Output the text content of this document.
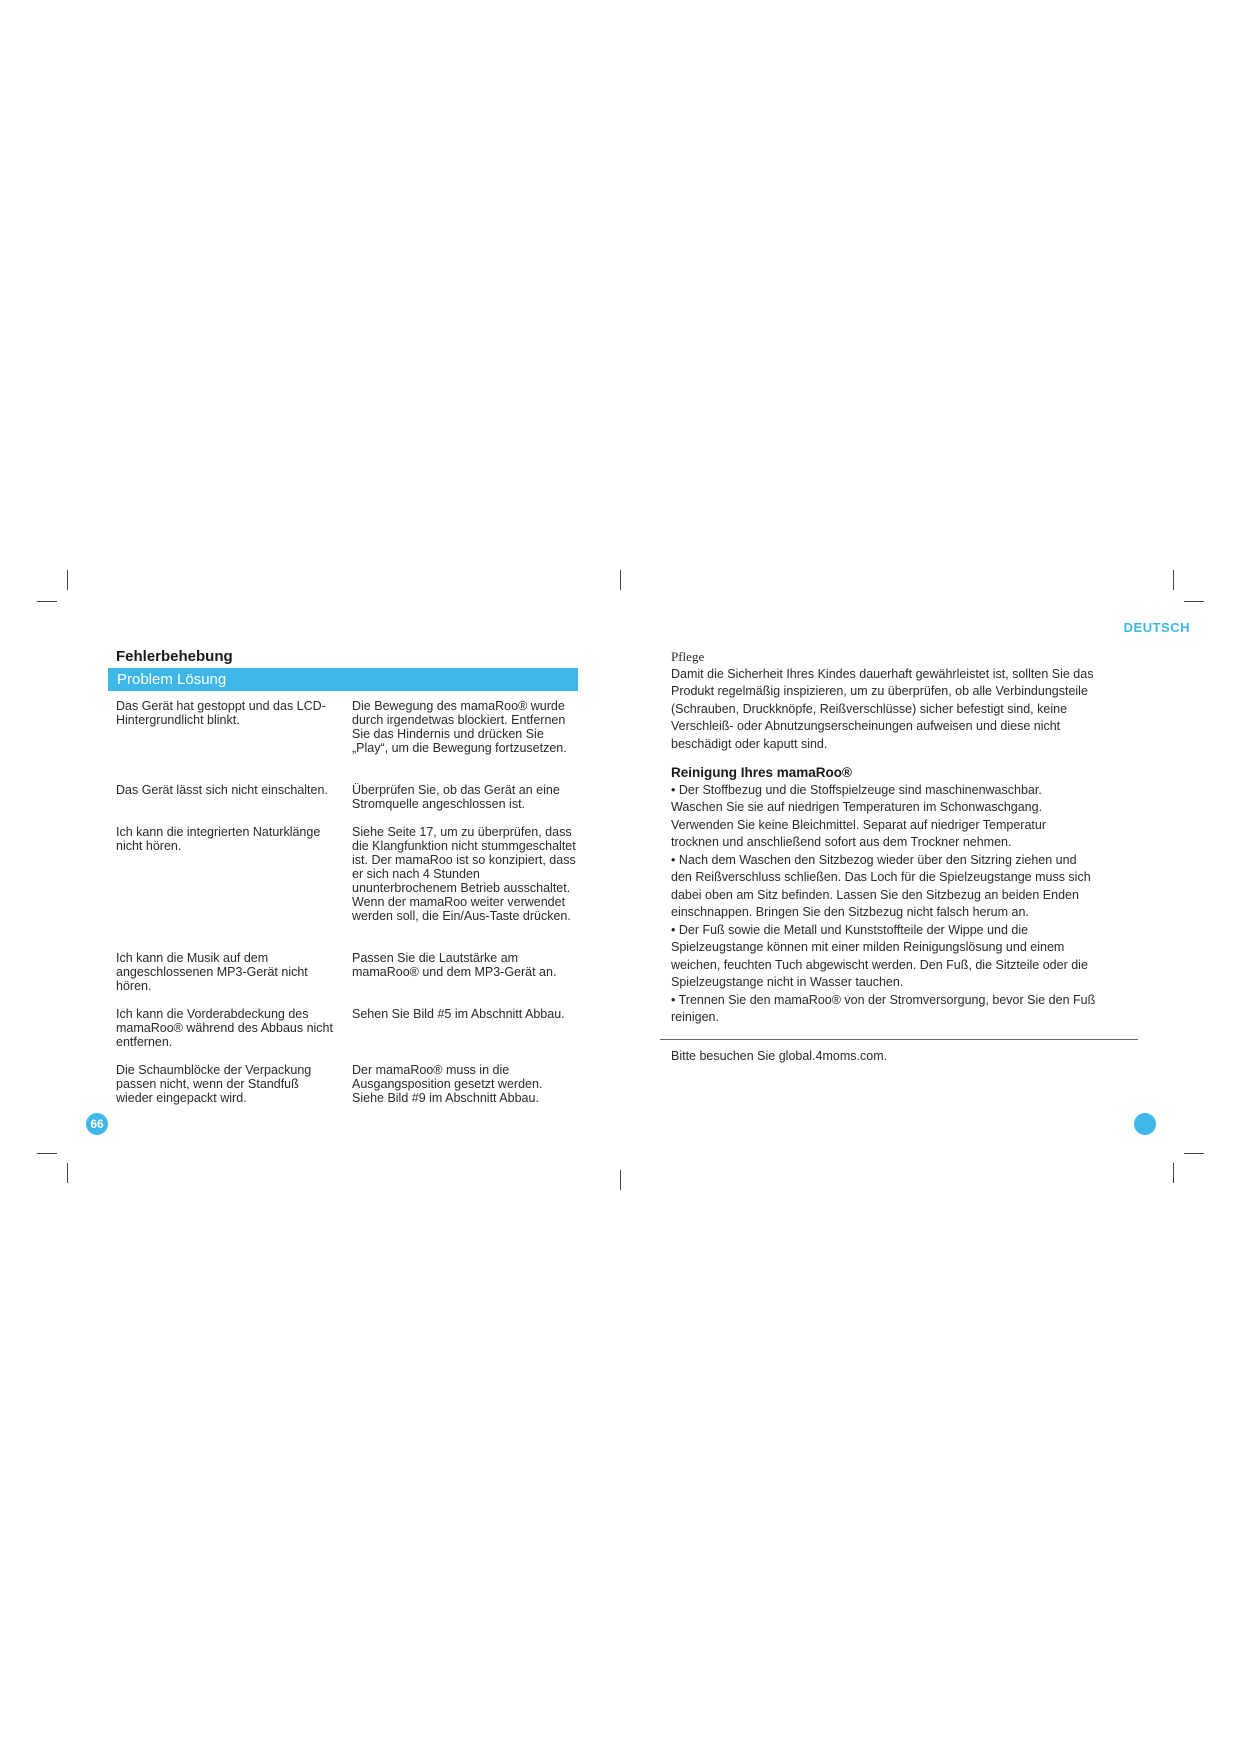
Fehlerbehebung
Problem Lösung
Das Gerät hat gestoppt und das LCD-Hintergrundlicht blinkt.
Die Bewegung des mamaRoo® wurde durch irgendetwas blockiert. Entfernen Sie das Hindernis und drücken Sie „Play“, um die Bewegung fortzusetzen.
Das Gerät lässt sich nicht einschalten.	Überprüfen Sie, ob das Gerät an eine Stromquelle angeschlossen ist.
Ich kann die integrierten Naturklänge nicht hören.
Siehe Seite 17, um zu überprüfen, dass die Klangfunktion nicht stummgeschaltet ist. Der mamaRoo ist so konzipiert, dass er sich nach 4 Stunden ununterbrochenem Betrieb ausschaltet. Wenn der mamaRoo weiter verwendet werden soll, die Ein/Aus-Taste drücken.
Ich kann die Musik auf dem angeschlossenen MP3-Gerät nicht hören.
Passen Sie die Lautstärke am mamaRoo® und dem MP3-Gerät an.
Ich kann die Vorderabdeckung des mamaRoo® während des Abbaus nicht entfernen.
Sehen Sie Bild #5 im Abschnitt Abbau.
Die Schaumblöcke der Verpackung passen nicht, wenn der Standfuß wieder eingepackt wird.
Der mamaRoo® muss in die Ausgangsposition gesetzt werden. Siehe Bild #9 im Abschnitt Abbau.
66
DEUTSCH

Pflege

Damit die Sicherheit Ihres Kindes dauerhaft gewährleistet ist, sollten Sie das Produkt regelmäßig inspizieren, um zu überprüfen, ob alle Verbindungsteile (Schrauben, Druckknöpfe, Reißverschlüsse) sicher befestigt sind, keine Verschleiß- oder Abnutzungserscheinungen aufweisen und diese nicht beschädigt oder kaputt sind.

Reinigung Ihres mamaRoo®

• Der Stoffbezug und die Stoffspielzeuge sind maschinenwaschbar.

Waschen Sie sie auf niedrigen Temperaturen im Schonwaschgang.

Verwenden Sie keine Bleichmittel. Separat auf niedriger Temperatur

trocknen und anschließend sofort aus dem Trockner nehmen.

• Nach dem Waschen den Sitzbezog wieder über den Sitzring ziehen und

den Reißverschluss schließen. Das Loch für die Spielzeugstange muss sich

dabei oben am Sitz befinden. Lassen Sie den Sitzbezug an beiden Enden

einschnappen. Bringen Sie den Sitzbezug nicht falsch herum an.

• Der Fuß sowie die Metall und Kunststoffteile der Wippe und die

Spielzeugstange können mit einer milden Reinigungslösung und einem

weichen, feuchten Tuch abgewischt werden. Den Fuß, die Sitzteile oder die

Spielzeugstange nicht in Wasser tauchen.

• Trennen Sie den mamaRoo® von der Stromversorgung, bevor Sie den Fuß

reinigen.

Bitte besuchen Sie global.4moms.com.
